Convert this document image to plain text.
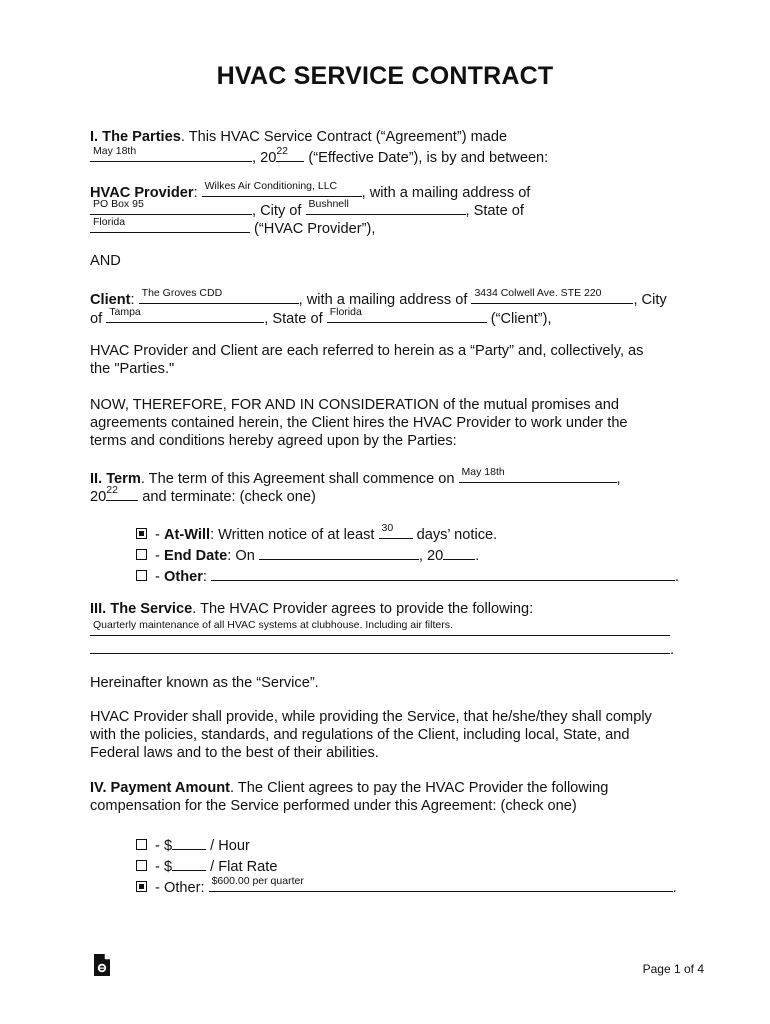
HVAC SERVICE CONTRACT
I. The Parties. This HVAC Service Contract (“Agreement”) made
May 18th	, 20 22 (“Effective Date”), is by and between:
HVAC Provider: Wilkes Air Conditioning, LLC , with a mailing address of
PO Box 95	, City of Bushnell	, State of
Florida	(“HVAC Provider”),
AND
Client: The Groves CDD	, with a mailing address of 3434 Colwell Ave. STE 220 , City
of Tampa	, State of Florida	(“Client”),
HVAC Provider and Client are each referred to herein as a “Party” and, collectively, as
the "Parties."
NOW, THEREFORE, FOR AND IN CONSIDERATION of the mutual promises and
agreements contained herein, the Client hires the HVAC Provider to work under the
terms and conditions hereby agreed upon by the Parties:
II. Term. The term of this Agreement shall commence on May 18th	,
20 22 and terminate: (check one)
- At-Will: Written notice of at least 30 days’ notice.
- End Date: On	, 20 .
- Other:	.
III. The Service. The HVAC Provider agrees to provide the following:
Quarterly maintenance of all HVAC systems at clubhouse. Including air filters.
.
Hereinafter known as the “Service”.
HVAC Provider shall provide, while providing the Service, that he/she/they shall comply
with the policies, standards, and regulations of the Client, including local, State, and
Federal laws and to the best of their abilities.
IV. Payment Amount. The Client agrees to pay the HVAC Provider the following
compensation for the Service performed under this Agreement: (check one)
- $ / Hour
- $ / Flat Rate
- Other: $600.00 per quarter	.
Page 1 of 4
